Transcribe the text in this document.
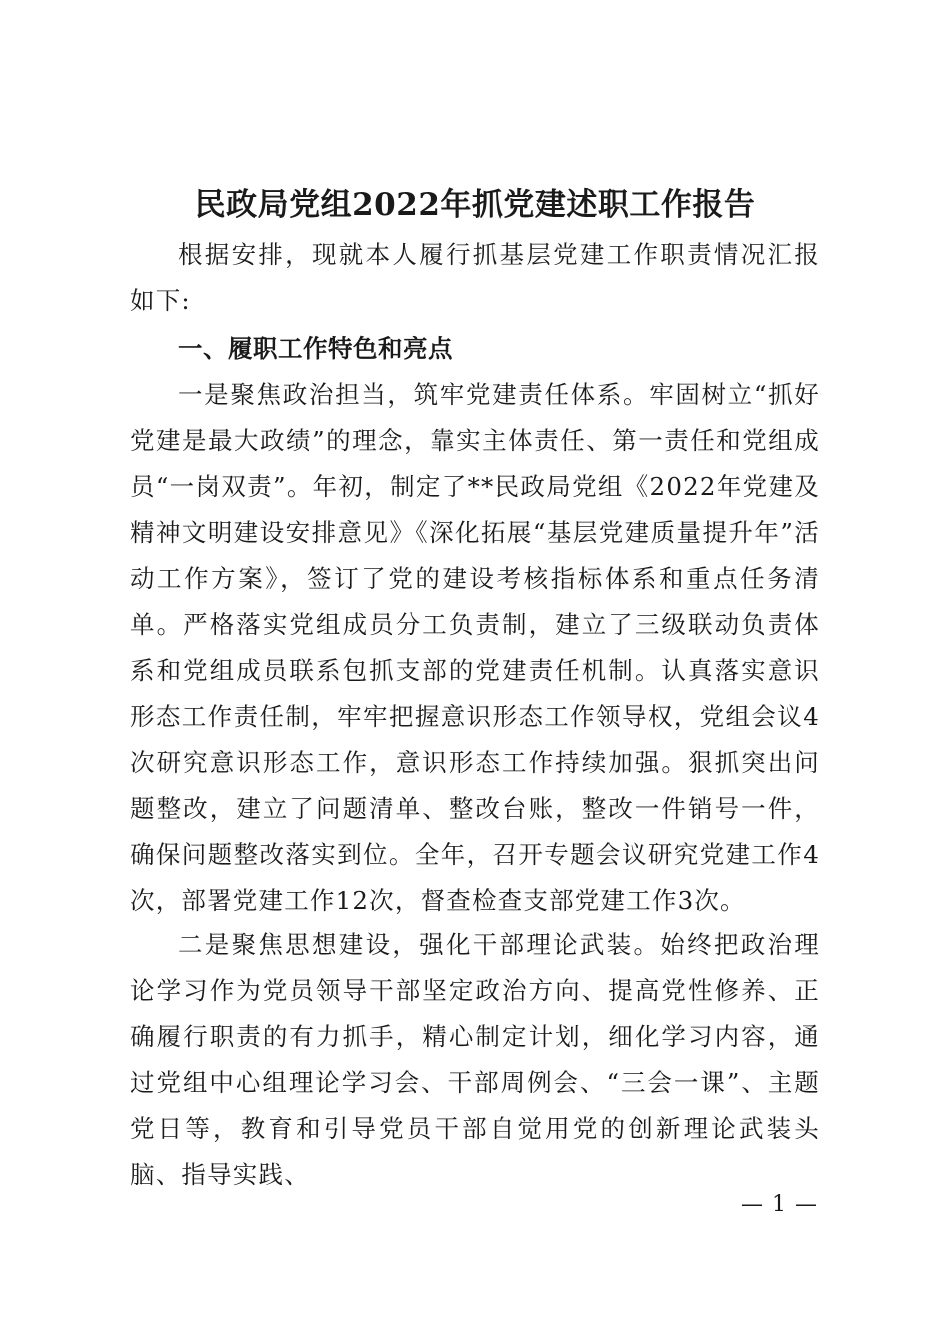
民政局党组2022年抓党建述职工作报告
根据安排，现就本人履行抓基层党建工作职责情况汇报如下:
一、履职工作特色和亮点
一是聚焦政治担当，筑牢党建责任体系。牢固树立“抓好党建是最大政绩”的理念，靠实主体责任、第一责任和党组成员“一岗双责”。年初，制定了**民政局党组《2022年党建及精神文明建设安排意见》《深化拓展“基层党建质量提升年”活动工作方案》，签订了党的建设考核指标体系和重点任务清单。严格落实党组成员分工负责制，建立了三级联动负责体系和党组成员联系包抓支部的党建责任机制。认真落实意识形态工作责任制，牢牢把握意识形态工作领导权，党组会议4次研究意识形态工作，意识形态工作持续加强。狠抓突出问题整改，建立了问题清单、整改台账，整改一件销号一件，确保问题整改落实到位。全年，召开专题会议研究党建工作4次，部署党建工作12次，督查检查支部党建工作3次。
二是聚焦思想建设，强化干部理论武装。始终把政治理论学习作为党员领导干部坚定政治方向、提高党性修养、正确履行职责的有力抓手，精心制定计划，细化学习内容，通过党组中心组理论学习会、干部周例会、“三会一课”、主题党日等，教育和引导党员干部自觉用党的创新理论武装头脑、指导实践、
— 1 —
